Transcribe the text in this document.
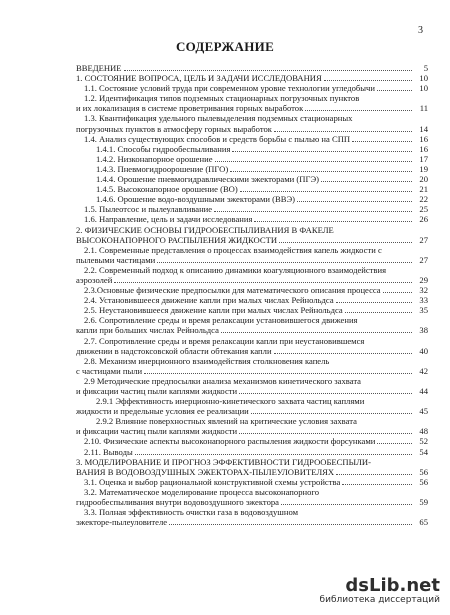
3
СОДЕРЖАНИЕ
ВВЕДЕНИЕ	5
1. СОСТОЯНИЕ ВОПРОСА, ЦЕЛЬ И ЗАДАЧИ ИССЛЕДОВАНИЯ	10
1.1. Состояние условий труда при современном уровне технологии угледобычи	10
1.2. Идентификация типов подземных стационарных погрузочных пунктов
и их локализация в системе проветривания горных выработок	11
1.3. Квантификация удельного пылевыделения подземных стационарных
погрузочных пунктов в атмосферу горных выработок	14
1.4. Анализ существующих способов и средств борьбы с пылью на СПП	16
1.4.1. Способы гидрообеспыливания	16
1.4.2. Низконапорное орошение	17
1.4.3. Пневмогидроорошение (ПГО)	19
1.4.4. Орошение пневмогидравлическими эжекторами (ПГЭ)	20
1.4.5. Высоконапорное орошение (ВО)	21
1.4.6. Орошение водо-воздушными эжекторами (ВВЭ)	22
1.5. Пылеотсос и пылеулавливание	25
1.6. Направление, цель и задачи исследования	26
2. ФИЗИЧЕСКИЕ ОСНОВЫ ГИДРООБЕСПЫЛИВАНИЯ В ФАКЕЛЕ
ВЫСОКОНАПОРНОГО РАСПЫЛЕНИЯ ЖИДКОСТИ	27
2.1. Современные представления о процессах взаимодействия капель жидкости с
пылевыми частицами	27
2.2. Современный подход к описанию динамики коагуляционного взаимодействия
аэрозолей	29
2.3.Основные физические предпосылки для математического описания процесса	32
2.4. Установившееся движение капли при малых числах Рейнольдса	33
2.5. Неустановившееся движение капли при малых числах Рейнольдса	35
2.6. Сопротивление среды и время релаксации установившегося движения
капли при больших числах Рейнольдса	38
2.7. Сопротивление среды и время релаксации капли при неустановившемся
движении в надстоксовской области обтекания капли	40
2.8. Механизм инерционного взаимодействия столкновения капель
с частицами пыли	42
2.9 Методические предпосылки анализа механизмов кинетического захвата
и фиксации частиц пыли каплями жидкости	44
2.9.1 Эффективность инерционно-кинетического захвата частиц каплями
жидкости и предельные условия ее реализации	45
2.9.2 Влияние поверхностных явлений на критические условия захвата
и фиксации частиц пыли каплями жидкости	48
2.10. Физические аспекты высоконапорного распыления жидкости форсунками	52
2.11. Выводы	54
3. МОДЕЛИРОВАНИЕ И ПРОГНОЗ ЭФФЕКТИВНОСТИ ГИДРООБЕСПЫЛИ-
ВАНИЯ В ВОДОВОЗДУШНЫХ ЭЖЕКТОРАХ-ПЫЛЕУЛОВИТЕЛЯХ	56
3.1. Оценка и выбор рациональной конструктивной схемы устройства	56
3.2. Математическое моделирование процесса высоконапорного
гидрообеспыливания внутри водовоздушного эжектора	59
3.3. Полная эффективность очистки газа в водовоздушном
эжекторе-пылеуловителе	65
dsLib.net
библиотека диссертаций
